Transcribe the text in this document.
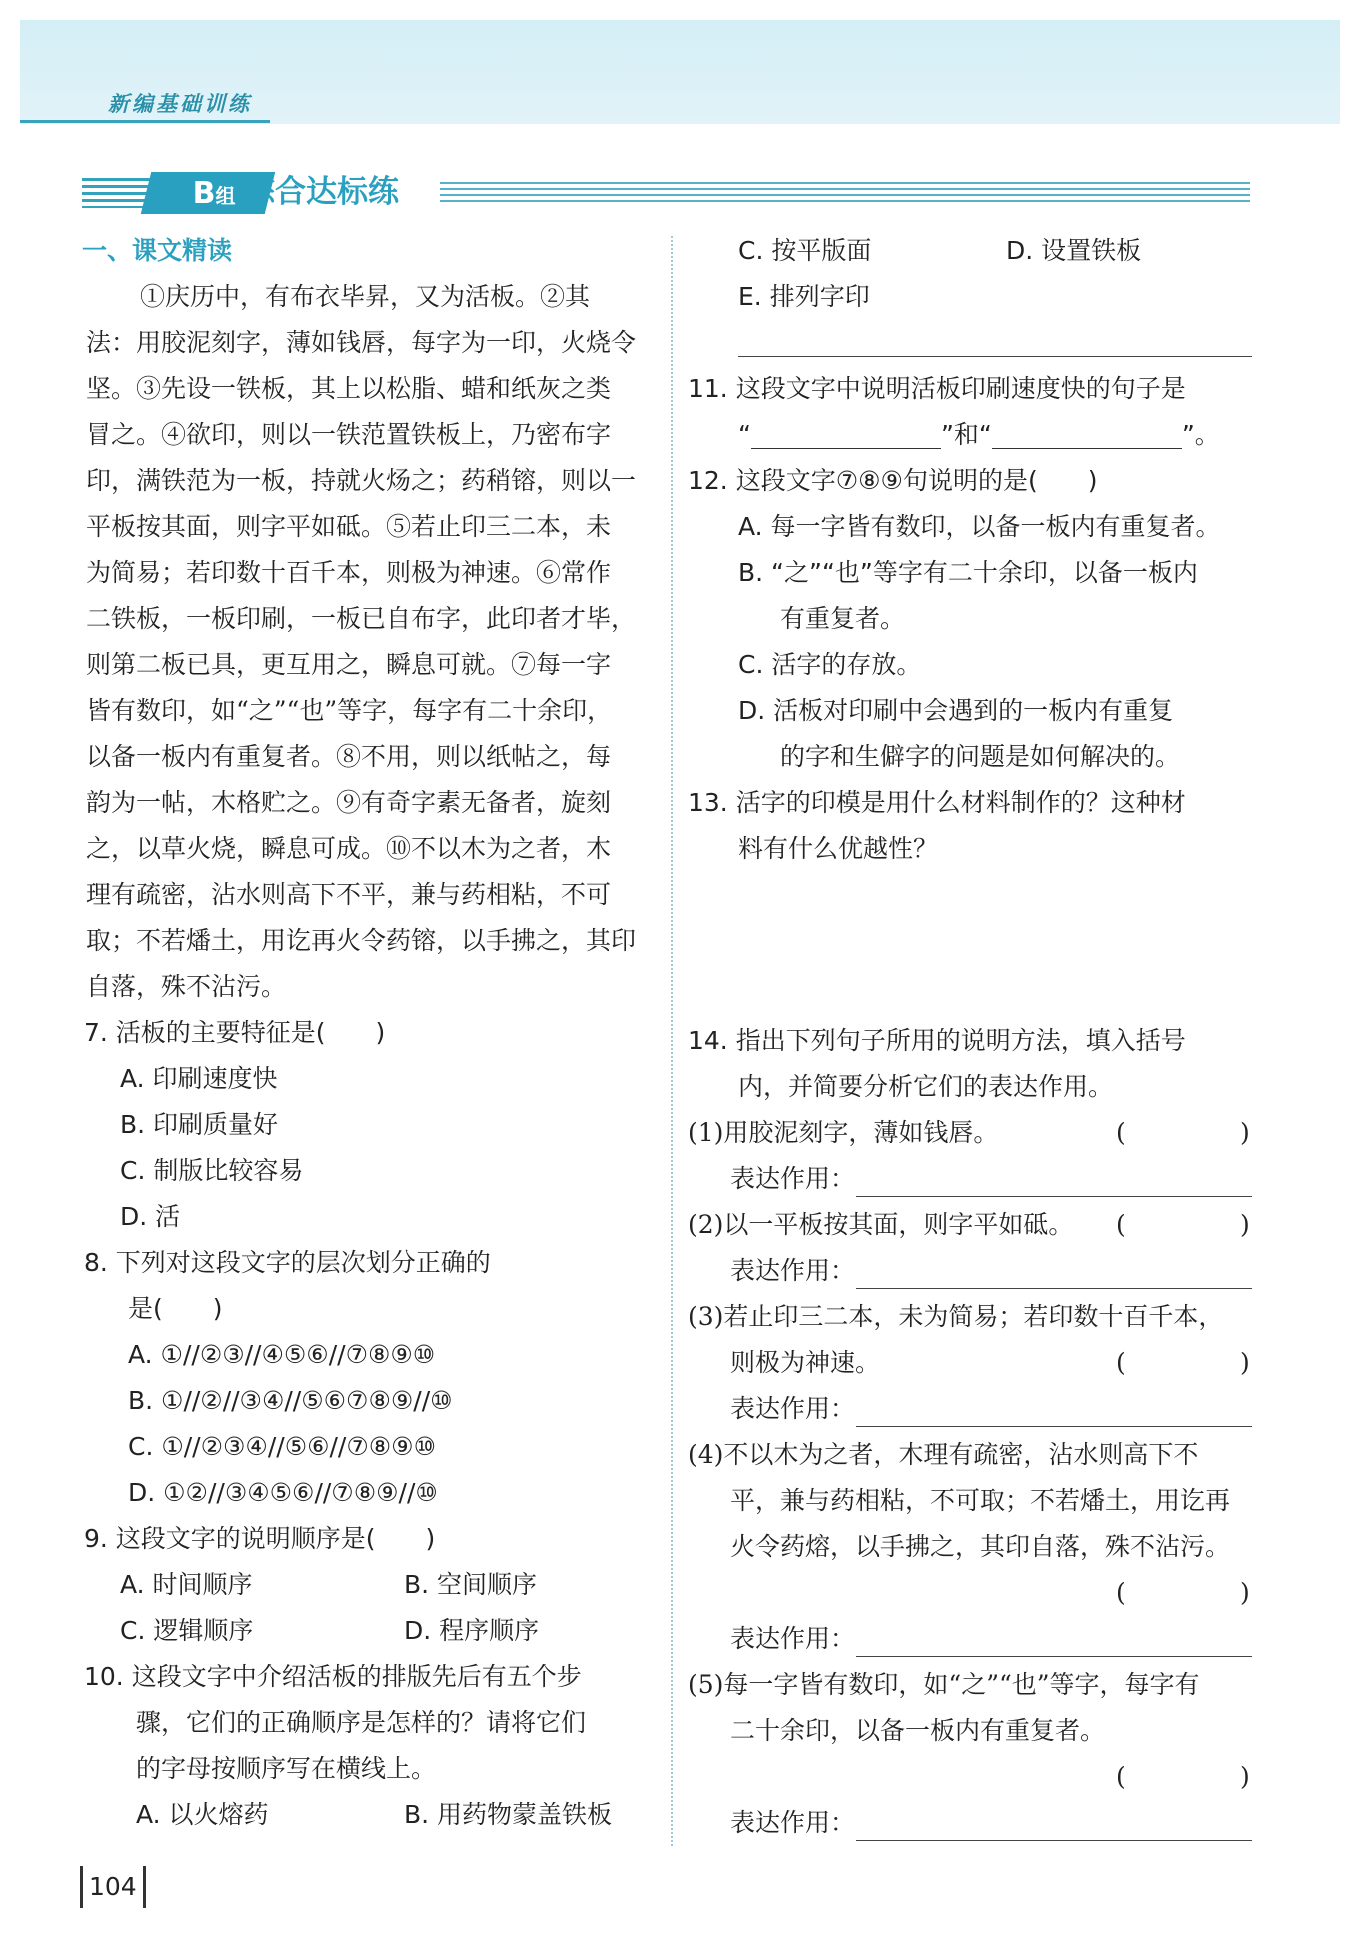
新编基础训练
B组 综合达标练
一、课文精读
①庆历中，有布衣毕昇，又为活板。②其
法：用胶泥刻字，薄如钱唇，每字为一印，火烧令
坚。③先设一铁板，其上以松脂、蜡和纸灰之类
冒之。④欲印，则以一铁范置铁板上，乃密布字
印，满铁范为一板，持就火炀之；药稍镕，则以一
平板按其面，则字平如砥。⑤若止印三二本，未
为简易；若印数十百千本，则极为神速。⑥常作
二铁板，一板印刷，一板已自布字，此印者才毕，
则第二板已具，更互用之，瞬息可就。⑦每一字
皆有数印，如“之”“也”等字，每字有二十余印，
以备一板内有重复者。⑧不用，则以纸帖之，每
韵为一帖，木格贮之。⑨有奇字素无备者，旋刻
之，以草火烧，瞬息可成。⑩不以木为之者，木
理有疏密，沾水则高下不平，兼与药相粘，不可
取；不若燔土，用讫再火令药镕，以手拂之，其印
自落，殊不沾污。
7. 活板的主要特征是(　　)
A. 印刷速度快
B. 印刷质量好
C. 制版比较容易
D. 活
8. 下列对这段文字的层次划分正确的
是(　　)
A. ①//②③//④⑤⑥//⑦⑧⑨⑩
B. ①//②//③④//⑤⑥⑦⑧⑨//⑩
C. ①//②③④//⑤⑥//⑦⑧⑨⑩
D. ①②//③④⑤⑥//⑦⑧⑨//⑩
9. 这段文字的说明顺序是(　　)
A. 时间顺序	B. 空间顺序
C. 逻辑顺序	D. 程序顺序
10. 这段文字中介绍活板的排版先后有五个步
骤，它们的正确顺序是怎样的？请将它们
的字母按顺序写在横线上。
A. 以火熔药	B. 用药物蒙盖铁板
C. 按平版面	D. 设置铁板
E. 排列字印
11. 这段文字中说明活板印刷速度快的句子是
“	”和“	”。
12. 这段文字⑦⑧⑨句说明的是(　　)
A. 每一字皆有数印，以备一板内有重复者。
B. “之”“也”等字有二十余印，以备一板内
有重复者。
C. 活字的存放。
D. 活板对印刷中会遇到的一板内有重复
的字和生僻字的问题是如何解决的。
13. 活字的印模是用什么材料制作的？这种材
料有什么优越性？
14. 指出下列句子所用的说明方法，填入括号
内，并简要分析它们的表达作用。
(1)用胶泥刻字，薄如钱唇。	(	)
表达作用：
(2)以一平板按其面，则字平如砥。 (	)
表达作用：
(3)若止印三二本，未为简易；若印数十百千本，
则极为神速。	(	)
表达作用：
(4)不以木为之者，木理有疏密，沾水则高下不
平，兼与药相粘，不可取；不若燔土，用讫再
火令药熔，以手拂之，其印自落，殊不沾污。
(	)
表达作用：
(5)每一字皆有数印，如“之”“也”等字，每字有
二十余印，以备一板内有重复者。
(	)
表达作用：
104
